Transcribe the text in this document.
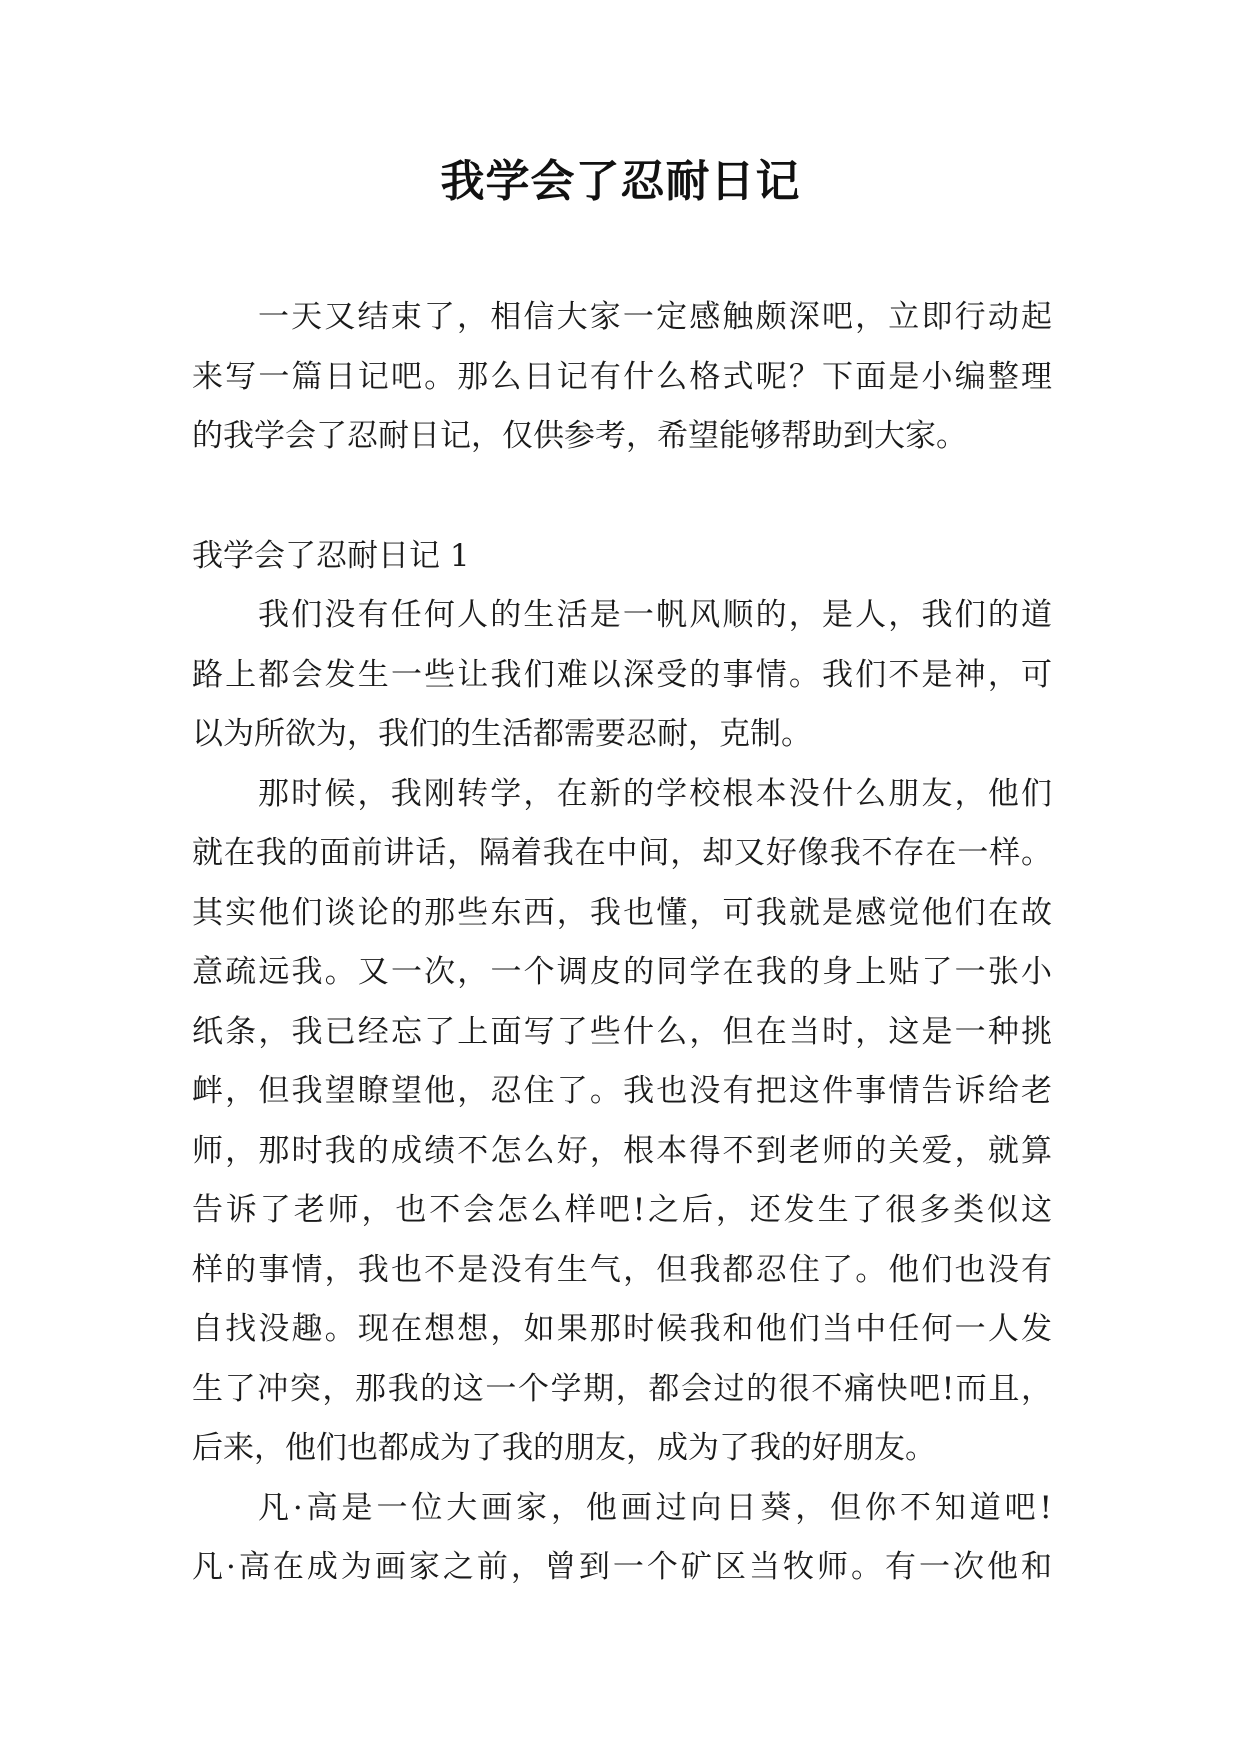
我学会了忍耐日记
一天又结束了，相信大家一定感触颇深吧，立即行动起
来写一篇日记吧。那么日记有什么格式呢？下面是小编整理
的我学会了忍耐日记，仅供参考，希望能够帮助到大家。
我学会了忍耐日记 1
我们没有任何人的生活是一帆风顺的，是人，我们的道
路上都会发生一些让我们难以深受的事情。我们不是神，可
以为所欲为，我们的生活都需要忍耐，克制。
那时候，我刚转学，在新的学校根本没什么朋友，他们
就在我的面前讲话，隔着我在中间，却又好像我不存在一样。
其实他们谈论的那些东西，我也懂，可我就是感觉他们在故
意疏远我。又一次，一个调皮的同学在我的身上贴了一张小
纸条，我已经忘了上面写了些什么，但在当时，这是一种挑
衅，但我望瞭望他，忍住了。我也没有把这件事情告诉给老
师，那时我的成绩不怎么好，根本得不到老师的关爱，就算
告诉了老师，也不会怎么样吧!之后，还发生了很多类似这
样的事情，我也不是没有生气，但我都忍住了。他们也没有
自找没趣。现在想想，如果那时候我和他们当中任何一人发
生了冲突，那我的这一个学期，都会过的很不痛快吧!而且，
后来，他们也都成为了我的朋友，成为了我的好朋友。
凡·高是一位大画家，他画过向日葵，但你不知道吧!
凡·高在成为画家之前，曾到一个矿区当牧师。有一次他和
